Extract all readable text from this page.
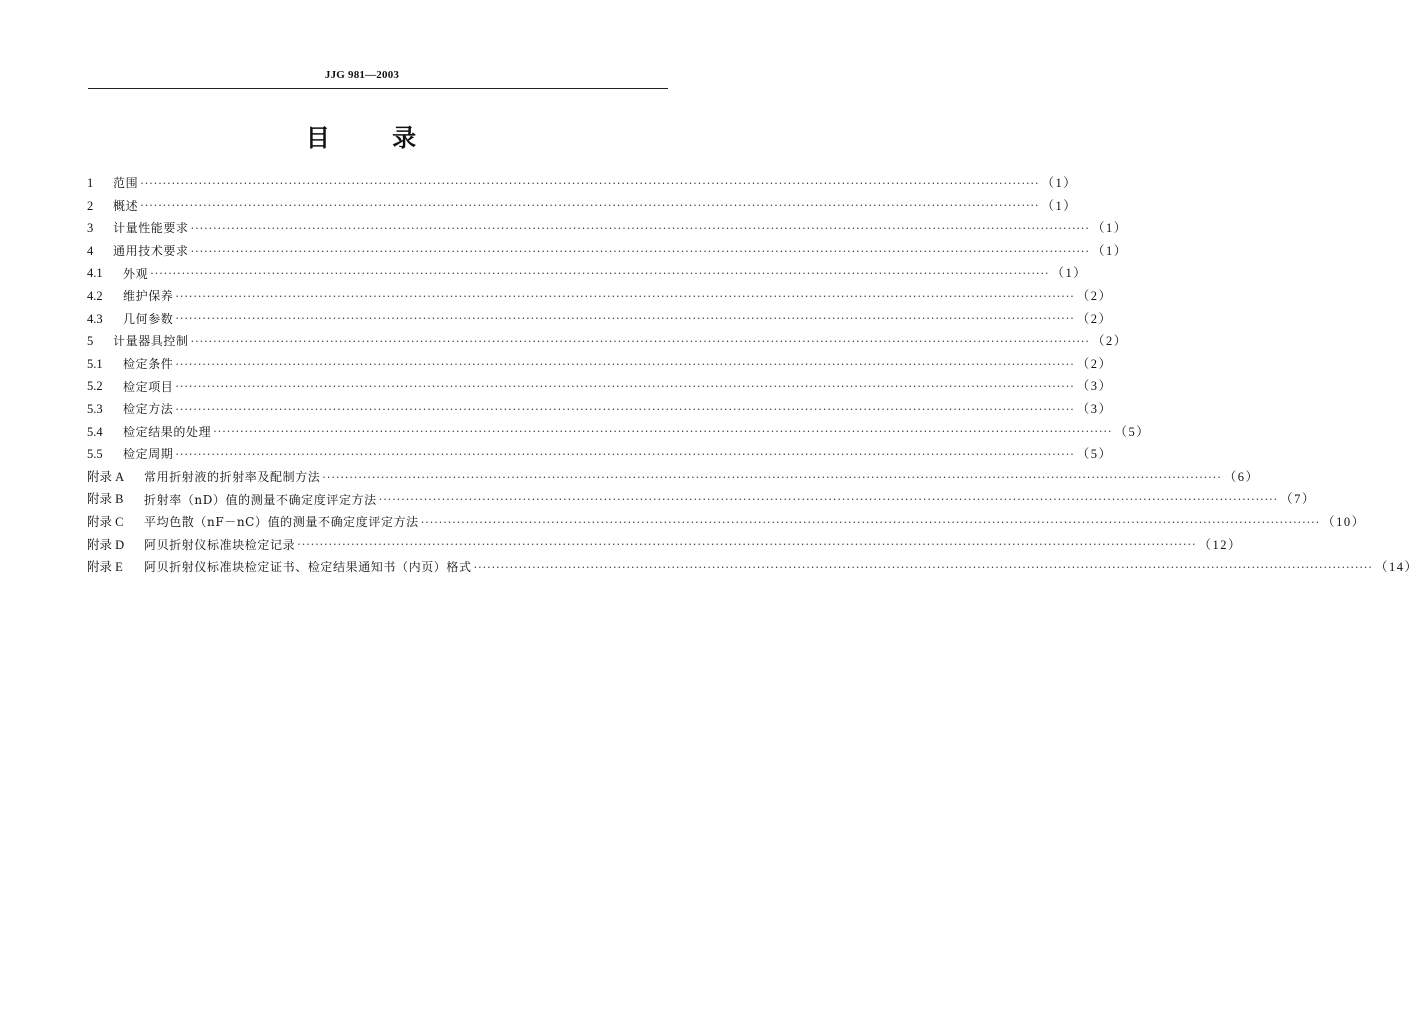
JJG 981—2003
目 录
1	范围 ········································································································································································································ （1）
2	概述 ········································································································································································································ （1）
3	计量性能要求 ········································································································································································································ （1）
4	通用技术要求 ········································································································································································································ （1）
4.1	外观 ········································································································································································································ （1）
4.2	维护保养 ········································································································································································································ （2）
4.3	几何参数 ········································································································································································································ （2）
5	计量器具控制 ········································································································································································································ （2）
5.1	检定条件 ········································································································································································································ （2）
5.2	检定项目 ········································································································································································································ （3）
5.3	检定方法 ········································································································································································································ （3）
5.4	检定结果的处理 ········································································································································································································ （5）
5.5	检定周期 ········································································································································································································ （5）
附录 A	常用折射液的折射率及配制方法 ········································································································································································································ （6）
附录 B	折射率（nD）值的测量不确定度评定方法 ········································································································································································································ （7）
附录 C	平均色散（nF－nC）值的测量不确定度评定方法 ········································································································································································································ （10）
附录 D	阿贝折射仪标准块检定记录 ········································································································································································································ （12）
附录 E	阿贝折射仪标准块检定证书、检定结果通知书（内页）格式 ········································································································································································································ （14）
